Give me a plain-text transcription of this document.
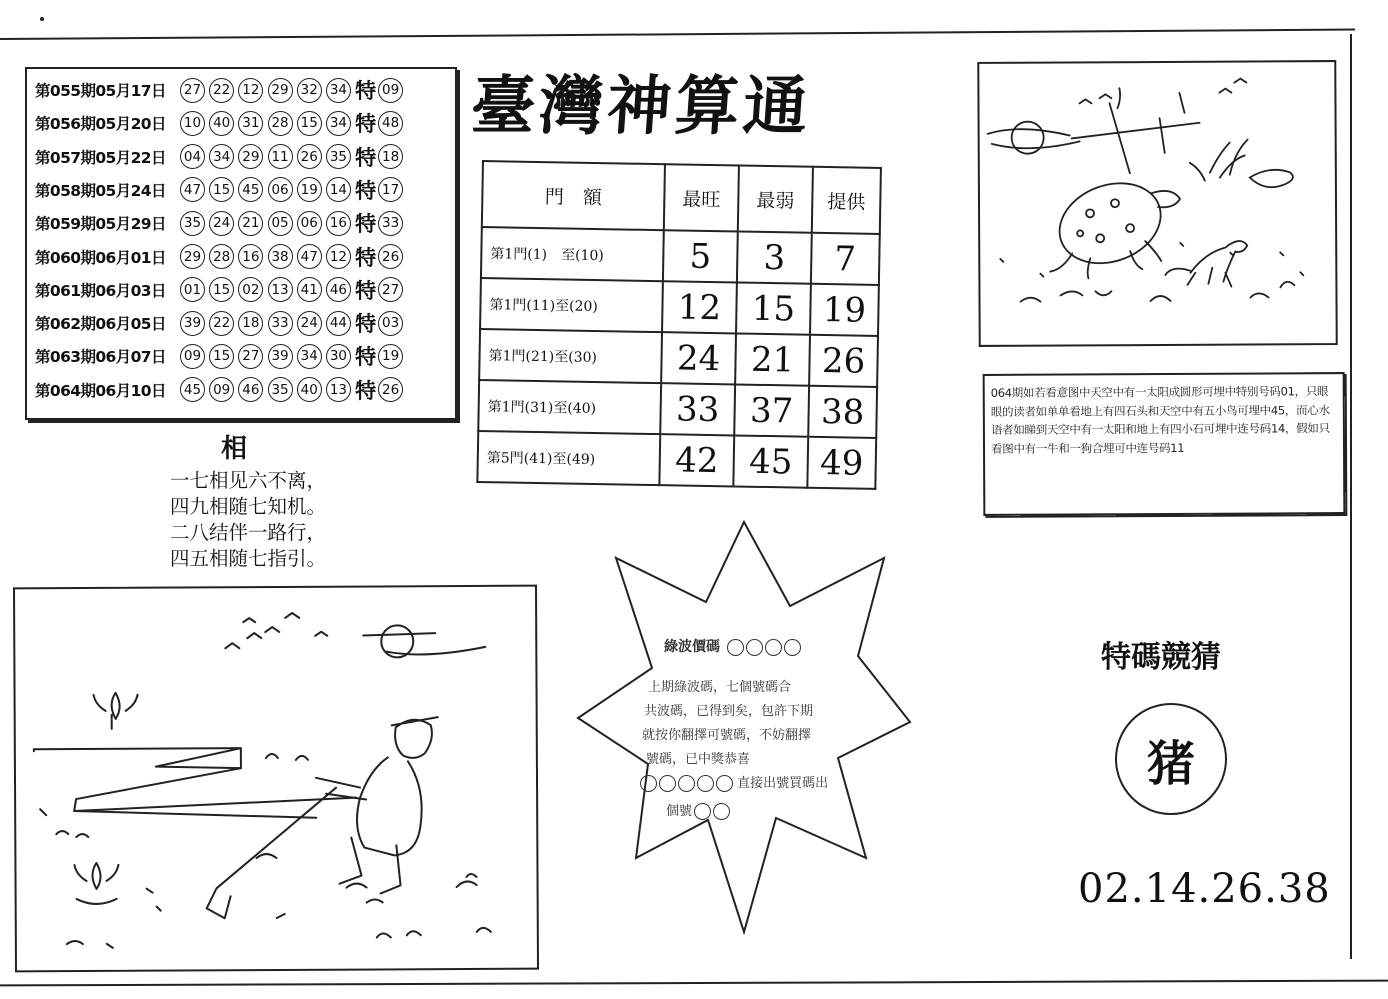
第055期05月17日	27 22 12 29 32 34 特 09
第056期05月20日	10 40 31 28 15 34 特 48
第057期05月22日	04 34 29 11 26 35 特 18
第058期05月24日	47 15 45 06 19 14 特 17
第059期05月29日	35 24 21 05 06 16 特 33
第060期06月01日	29 28 16 38 47 12 特 26
第061期06月03日	01 15 02 13 41 46 特 27
第062期06月05日	39 22 18 33 24 44 特 03
第063期06月07日	09 15 27 39 34 30 特 19
第064期06月10日	45 09 46 35 40 13 特 26
臺灣神算通
門　額	最旺	最弱	提供
第1門(1)　至(10)	5	3	7
第1門(11)至(20)	12	15	19
第1門(21)至(30)	24	21	26
第1門(31)至(40)	33	37	38
第5門(41)至(49)	42	45	49
相
一七相见六不离，
四九相随七知机。
二八结伴一路行，
四五相随七指引。
064期如若看意图中天空中有一太阳成圆形可埋中特别号码01，只眼眼的读者如单单看地上有四石头和天空中有五小鸟可埋中45，而心水语者如睇到天空中有一太阳和地上有四小石可埋中连号码14，假如只看图中有一牛和一狗合埋可中连号码11
綠波價碼
上期綠波碼，七個號碼合
共波碼，已得到矣，包許下期
就按你翻擇可號碼，不妨翻擇
號碼，已中獎恭喜
直接出號買碼出
個號
特碼競猜
猪
02.14.26.38
